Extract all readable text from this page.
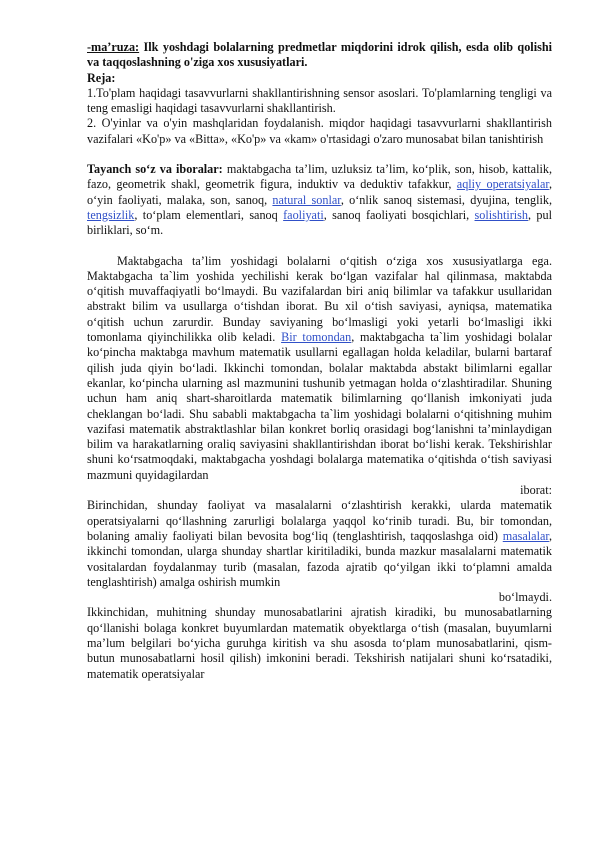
-ma’ruza: Ilk yoshdagi bolalarning predmetlar miqdorini idrok qilish, esda olib qolishi va taqqoslashning o'ziga xos xususiyatlari.

Reja:

1.To'plam haqidagi tasavvurlarni shakllantirishning sensor asoslari. To'plamlarning tengligi va teng emasligi haqidagi tasavvurlarni shakllantirish.

2. O'yinlar va o'yin mashqlaridan foydalanish. miqdor haqidagi tasavvurlarni shakllantirish vazifalari «Ko'p» va «Bitta», «Ko'p» va «kam» o'rtasidagi o'zaro munosabat bilan tanishtirish

Tayanch so‘z va iboralar: maktabgacha ta’lim, uzluksiz ta’lim, ko‘plik, son, hisob, kattalik, fazo, geometrik shakl, geometrik figura, induktiv va deduktiv tafakkur, aqliy operatsiyalar, o‘yin faoliyati, malaka, son, sanoq, natural sonlar, o‘nlik sanoq sistemasi, dyujina, tenglik, tengsizlik, to‘plam elementlari, sanoq faoliyati, sanoq faoliyati bosqichlari, solishtirish, pul birliklari, so‘m.

Maktabgacha ta’lim yoshidagi bolalarni o‘qitish o‘ziga xos xususiyatlarga ega. Maktabgacha ta`lim yoshida yechilishi kerak bo‘lgan vazifalar hal qilinmasa, maktabda o‘qitish muvaffaqiyatli bo‘lmaydi. Bu vazifalardan biri aniq bilimlar va tafakkur usullaridan abstrakt bilim va usullarga o‘tishdan iborat. Bu xil o‘tish saviyasi, ayniqsa, matematika o‘qitish uchun zarurdir. Bunday saviyaning bo‘lmasligi yoki yetarli bo‘lmasligi ikki tomonlama qiyinchilikka olib keladi. Bir tomondan, maktabgacha ta`lim yoshidagi bolalar ko‘pincha maktabga mavhum matematik usullarni egallagan holda keladilar, bularni bartaraf qilish juda qiyin bo‘ladi. Ikkinchi tomondan, bolalar maktabda abstakt bilimlarni egallar ekanlar, ko‘pincha ularning asl mazmunini tushunib yetmagan holda o‘zlashtiradilar. Shuning uchun ham aniq shart-sharoitlarda matematik bilimlarning qo‘llanish imkoniyati juda cheklangan bo‘ladi. Shu sababli maktabgacha ta`lim yoshidagi bolalarni o‘qitishning muhim vazifasi matematik abstraktlashlar bilan konkret borliq orasidagi bog‘lanishni ta’minlaydigan bilim va harakatlarning oraliq saviyasini shakllantirishdan iborat bo‘lishi kerak. Tekshirishlar shuni ko‘rsatmoqdaki, maktabgacha yoshdagi bolalarga matematika o‘qitishda o‘tish saviyasi mazmuni quyidagilardan

iborat:

Birinchidan, shunday faoliyat va masalalarni o‘zlashtirish kerakki, ularda matematik operatsiyalarni qo‘llashning zarurligi bolalarga yaqqol ko‘rinib turadi. Bu, bir tomondan, bolaning amaliy faoliyati bilan bevosita bog‘liq (tenglashtirish, taqqoslashga oid) masalalar, ikkinchi tomondan, ularga shunday shartlar kiritiladiki, bunda mazkur masalalarni matematik vositalardan foydalanmay turib (masalan, fazoda ajratib qo‘yilgan ikki to‘plamni amalda tenglashtirish) amalga oshirish mumkin

bo‘lmaydi.

Ikkinchidan, muhitning shunday munosabatlarini ajratish kiradiki, bu munosabatlarning qo‘llanishi bolaga konkret buyumlardan matematik obyektlarga o‘tish (masalan, buyumlarni ma’lum belgilari bo‘yicha guruhga kiritish va shu asosda to‘plam munosabatlarini, qism- butun munosabatlarni hosil qilish) imkonini beradi. Tekshirish natijalari shuni ko‘rsatadiki, matematik operatsiyalar
